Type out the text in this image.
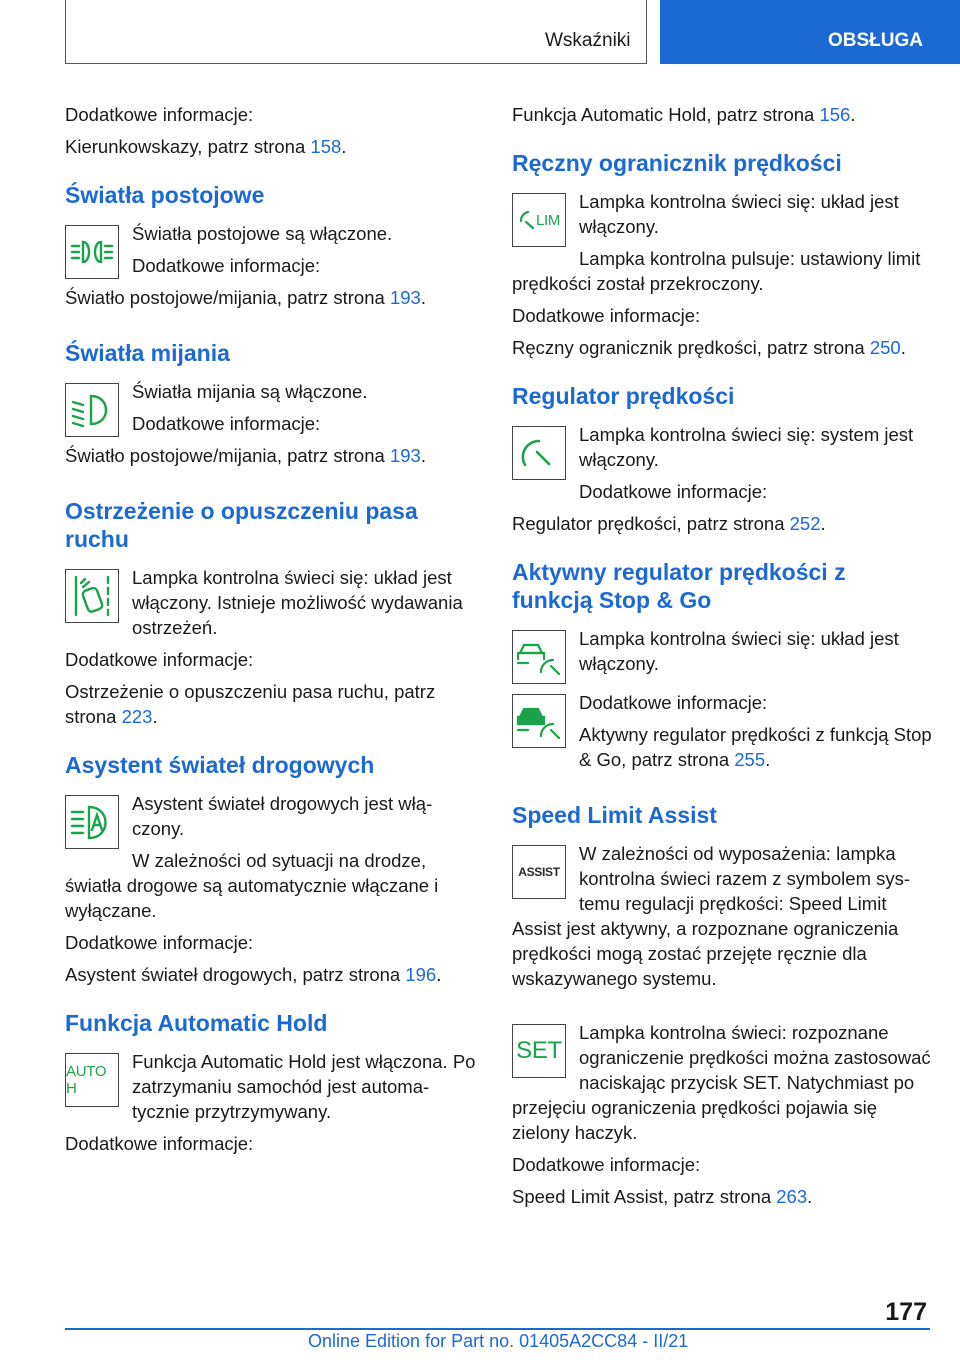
Wskaźniki	OBSŁUGA

Dodatkowe informacje:

Kierunkowskazy, patrz strona 158.

Światła postojowe

Światła postojowe są włączone.

Dodatkowe informacje:

Światło postojowe/mijania, patrz strona 193.

Światła mijania

Światła mijania są włączone.

Dodatkowe informacje:

Światło postojowe/mijania, patrz strona 193.

Ostrzeżenie o opuszczeniu pasa ruchu

Lampka kontrolna świeci się: układ jest włączony. Istnieje możliwość wydawania ostrzeżeń.

Dodatkowe informacje:

Ostrzeżenie o opuszczeniu pasa ruchu, patrz strona 223.

Asystent świateł drogowych

Asystent świateł drogowych jest włączony.

W zależności od sytuacji na drodze, światła drogowe są automatycznie włączane i wyłączane.

Dodatkowe informacje:

Asystent świateł drogowych, patrz strona 196.

Funkcja Automatic Hold
AUTO H

Funkcja Automatic Hold jest włączona. Po zatrzymaniu samochód jest automatycznie przytrzymywany.

Dodatkowe informacje:

Funkcja Automatic Hold, patrz strona 156.

Ręczny ogranicznik prędkości
LIM

Lampka kontrolna świeci się: układ jest włączony.

Lampka kontrolna pulsuje: ustawiony limit prędkości został przekroczony.

Dodatkowe informacje:

Ręczny ogranicznik prędkości, patrz strona 250.

Regulator prędkości

Lampka kontrolna świeci się: system jest włączony.

Dodatkowe informacje:

Regulator prędkości, patrz strona 252.

Aktywny regulator prędkości z funkcją Stop & Go

Lampka kontrolna świeci się: układ jest włączony.

Dodatkowe informacje:

Aktywny regulator prędkości z funkcją Stop & Go, patrz strona 255.

Speed Limit Assist
ASSIST

W zależności od wyposażenia: lampka kontrolna świeci razem z symbolem systemu regulacji prędkości: Speed Limit Assist jest aktywny, a rozpoznane ograniczenia prędkości mogą zostać przejęte ręcznie dla wskazywanego systemu.

SET

Lampka kontrolna świeci: rozpoznane ograniczenie prędkości można zastosować naciskając przycisk SET. Natychmiast po przejęciu ograniczenia prędkości pojawia się zielony haczyk.

Dodatkowe informacje:

Speed Limit Assist, patrz strona 263.

177
Online Edition for Part no. 01405A2CC84 - II/21
